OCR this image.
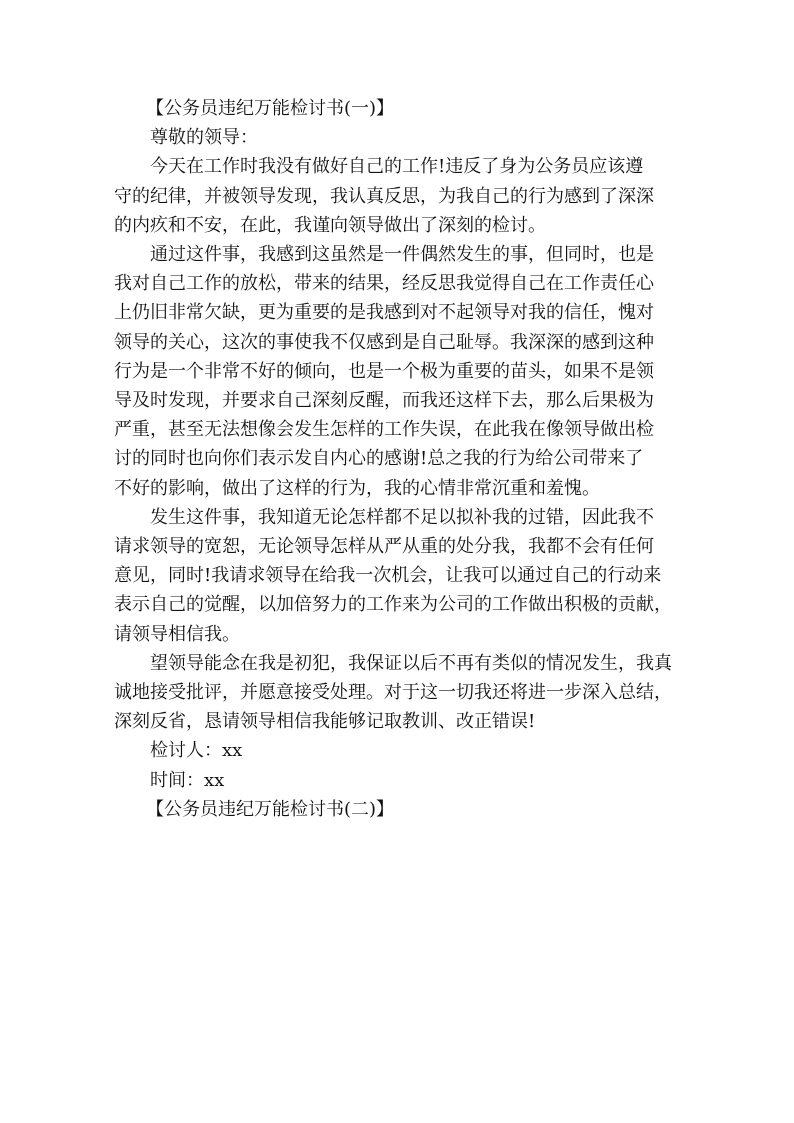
【公务员违纪万能检讨书(一)】

尊敬的领导：

今天在工作时我没有做好自己的工作!违反了身为公务员应该遵

守的纪律，并被领导发现，我认真反思，为我自己的行为感到了深深

的内疚和不安，在此，我谨向领导做出了深刻的检讨。

通过这件事，我感到这虽然是一件偶然发生的事，但同时，也是

我对自己工作的放松，带来的结果，经反思我觉得自己在工作责任心

上仍旧非常欠缺，更为重要的是我感到对不起领导对我的信任，愧对

领导的关心，这次的事使我不仅感到是自己耻辱。我深深的感到这种

行为是一个非常不好的倾向，也是一个极为重要的苗头，如果不是领

导及时发现，并要求自己深刻反醒，而我还这样下去，那么后果极为

严重，甚至无法想像会发生怎样的工作失误，在此我在像领导做出检

讨的同时也向你们表示发自内心的感谢!总之我的行为给公司带来了

不好的影响，做出了这样的行为，我的心情非常沉重和羞愧。

发生这件事，我知道无论怎样都不足以拟补我的过错，因此我不

请求领导的宽恕，无论领导怎样从严从重的处分我，我都不会有任何

意见，同时!我请求领导在给我一次机会，让我可以通过自己的行动来

表示自己的觉醒，以加倍努力的工作来为公司的工作做出积极的贡献，

请领导相信我。

望领导能念在我是初犯，我保证以后不再有类似的情况发生，我真

诚地接受批评，并愿意接受处理。对于这一切我还将进一步深入总结，

深刻反省，恳请领导相信我能够记取教训、改正错误!

检讨人：xx

时间：xx

【公务员违纪万能检讨书(二)】
